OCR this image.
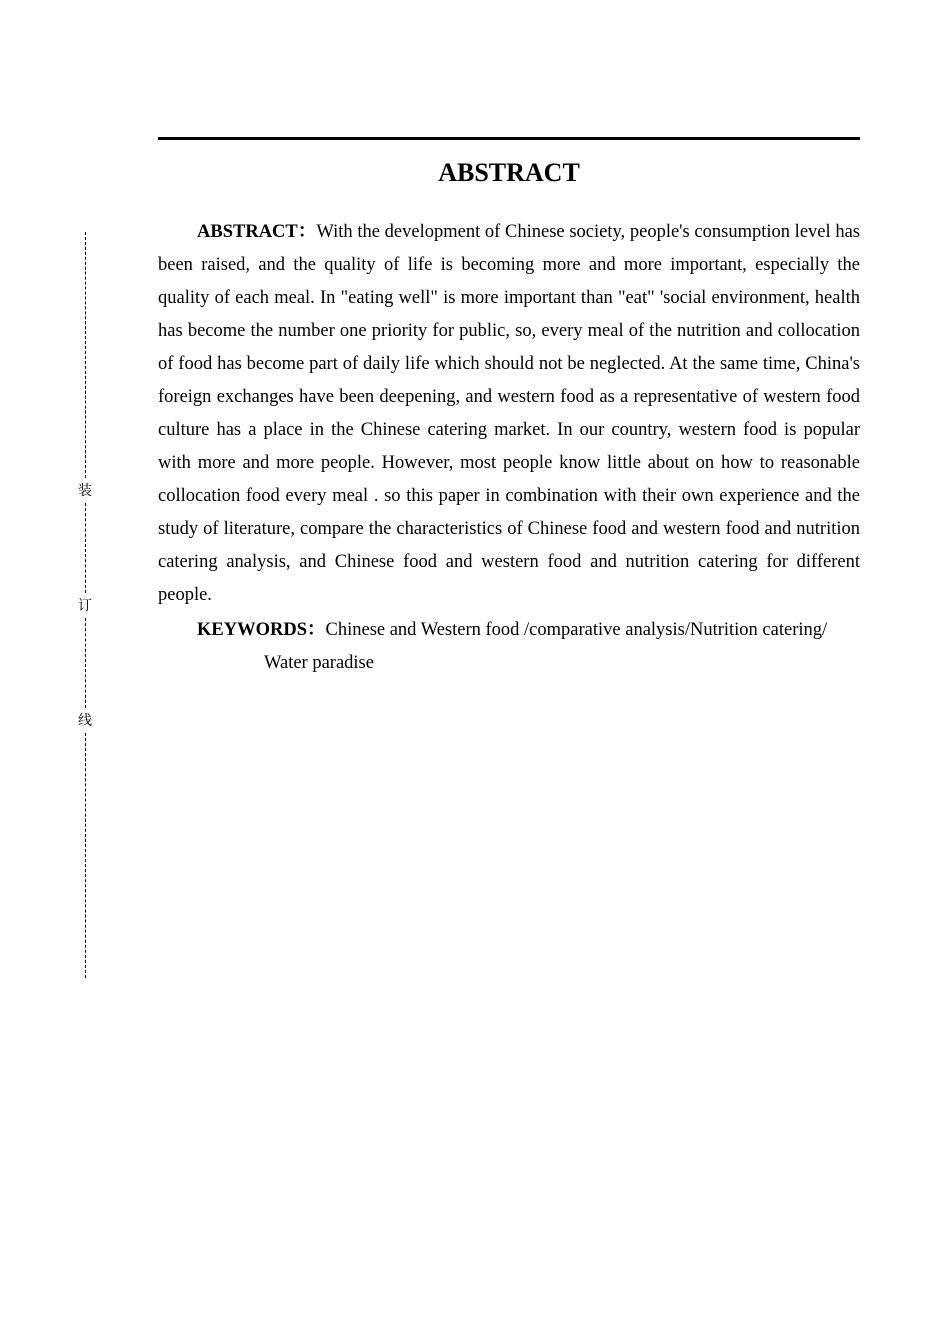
ABSTRACT

ABSTRACT：With the development of Chinese society, people's consumption level has been raised, and the quality of life is becoming more and more important, especially the quality of each meal. In "eating well" is more important than "eat" 'social environment, health has become the number one priority for public, so, every meal of the nutrition and collocation of food has become part of daily life which should not be neglected. At the same time, China's foreign exchanges have been deepening, and western food as a representative of western food culture has a place in the Chinese catering market. In our country, western food is popular with more and more people. However, most people know little about on how to reasonable collocation food every meal . so this paper in combination with their own experience and the study of literature, compare the characteristics of Chinese food and western food and nutrition catering analysis, and Chinese food and western food and nutrition catering for different people.

KEYWORDS：Chinese and Western food /comparative analysis/Nutrition catering/
Water paradise
装
订
线
